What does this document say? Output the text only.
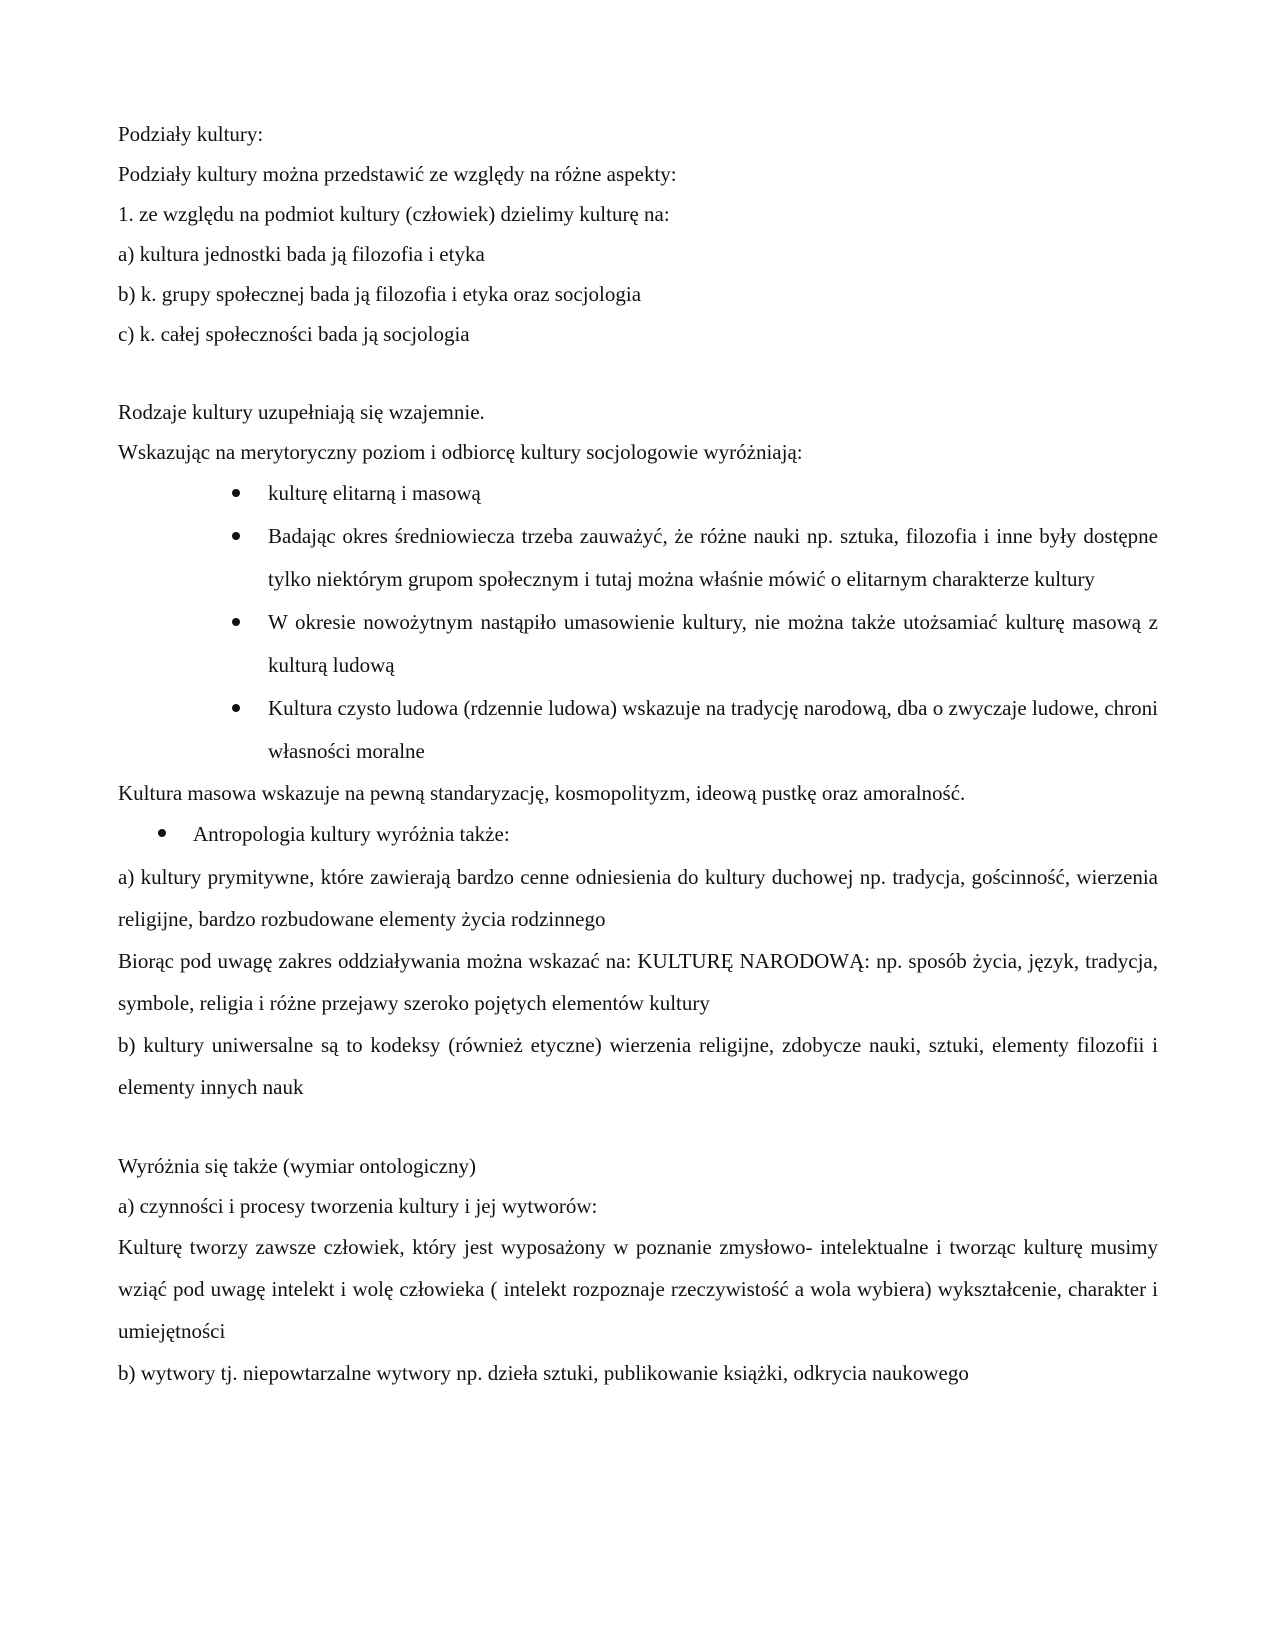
Podziały kultury:

Podziały kultury można przedstawić ze względy na różne aspekty:

1. ze względu na podmiot kultury (człowiek) dzielimy kulturę na:

a) kultura jednostki bada ją filozofia i etyka

b) k. grupy społecznej bada ją filozofia i etyka oraz socjologia

c) k. całej społeczności bada ją socjologia

Rodzaje kultury uzupełniają się wzajemnie.

Wskazując na merytoryczny poziom i odbiorcę kultury socjologowie wyróżniają:

kulturę elitarną i masową
Badając okres średniowiecza trzeba zauważyć, że różne nauki np. sztuka, filozofia i inne były dostępne tylko niektórym grupom społecznym i tutaj można właśnie mówić o elitarnym charakterze kultury
W okresie nowożytnym nastąpiło umasowienie kultury, nie można także utożsamiać kulturę masową z kulturą ludową
Kultura czysto ludowa (rdzennie ludowa) wskazuje na tradycję narodową, dba o zwyczaje ludowe, chroni własności moralne

Kultura masowa wskazuje na pewną standaryzację, kosmopolityzm, ideową pustkę oraz amoralność.

Antropologia kultury wyróżnia także:

a) kultury prymitywne, które zawierają bardzo cenne odniesienia do kultury duchowej np. tradycja, gościnność, wierzenia religijne, bardzo rozbudowane elementy życia rodzinnego

Biorąc pod uwagę zakres oddziaływania można wskazać na: KULTURĘ NARODOWĄ: np. sposób życia, język, tradycja, symbole, religia i różne przejawy szeroko pojętych elementów kultury

b) kultury uniwersalne są to kodeksy (również etyczne) wierzenia religijne, zdobycze nauki, sztuki, elementy filozofii i elementy innych nauk

Wyróżnia się także (wymiar ontologiczny)

a) czynności i procesy tworzenia kultury i jej wytworów:

Kulturę tworzy zawsze człowiek, który jest wyposażony w poznanie zmysłowo- intelektualne i tworząc kulturę musimy wziąć pod uwagę intelekt i wolę człowieka ( intelekt rozpoznaje rzeczywistość a wola wybiera) wykształcenie, charakter i umiejętności

b) wytwory tj. niepowtarzalne wytwory np. dzieła sztuki, publikowanie książki, odkrycia naukowego
